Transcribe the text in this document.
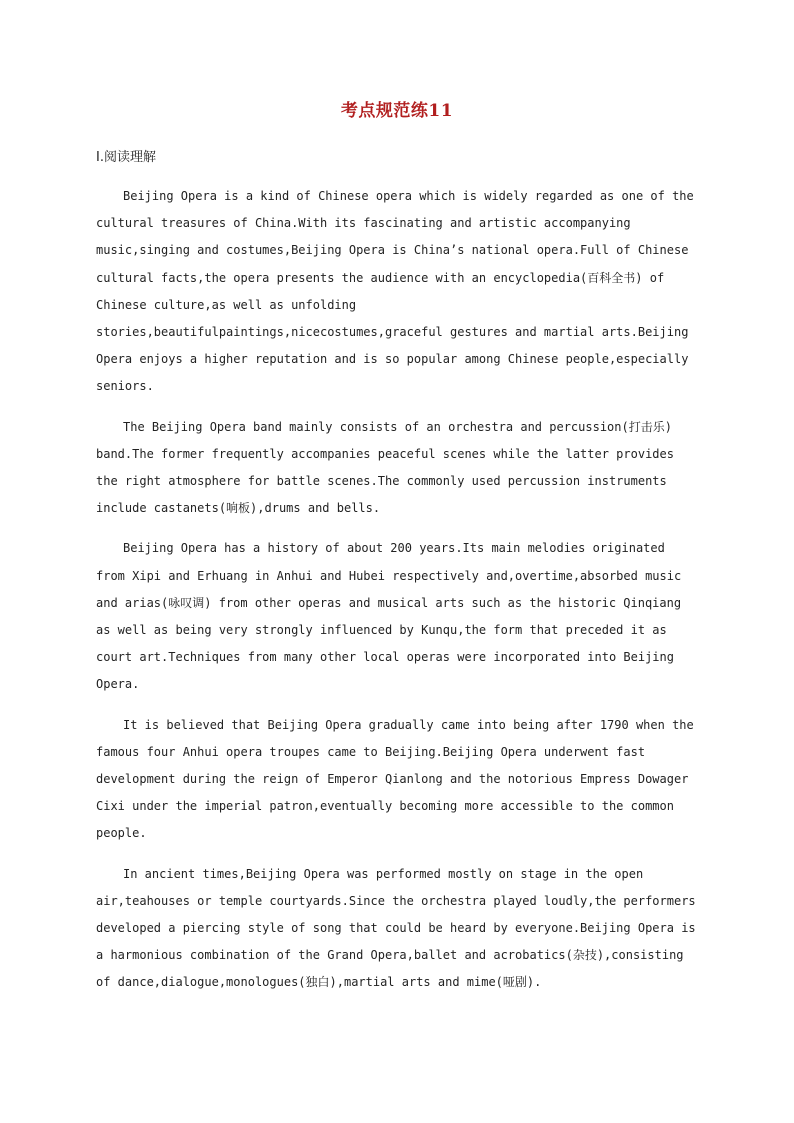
考点规范练11
Ⅰ.阅读理解

Beijing Opera is a kind of Chinese opera which is widely regarded as one of the cultural treasures of China.With its fascinating and artistic accompanying music,singing and costumes,Beijing Opera is China’s national opera.Full of Chinese cultural facts,the opera presents the audience with an encyclopedia(百科全书) of Chinese culture,as well as unfolding stories,beautifulpaintings,nicecostumes,graceful gestures and martial arts.Beijing Opera enjoys a higher reputation and is so popular among Chinese people,especially seniors.

The Beijing Opera band mainly consists of an orchestra and percussion(打击乐) band.The former frequently accompanies peaceful scenes while the latter provides the right atmosphere for battle scenes.The commonly used percussion instruments include castanets(响板),drums and bells.

Beijing Opera has a history of about 200 years.Its main melodies originated from Xipi and Erhuang in Anhui and Hubei respectively and,overtime,absorbed music and arias(咏叹调) from other operas and musical arts such as the historic Qinqiang as well as being very strongly influenced by Kunqu,the form that preceded it as court art.Techniques from many other local operas were incorporated into Beijing Opera.

It is believed that Beijing Opera gradually came into being after 1790 when the famous four Anhui opera troupes came to Beijing.Beijing Opera underwent fast development during the reign of Emperor Qianlong and the notorious Empress Dowager Cixi under the imperial patron,eventually becoming more accessible to the common people.

In ancient times,Beijing Opera was performed mostly on stage in the open air,teahouses or temple courtyards.Since the orchestra played loudly,the performers developed a piercing style of song that could be heard by everyone.Beijing Opera is a harmonious combination of the Grand Opera,ballet and acrobatics(杂技),consisting of dance,dialogue,monologues(独白),martial arts and mime(哑剧).
